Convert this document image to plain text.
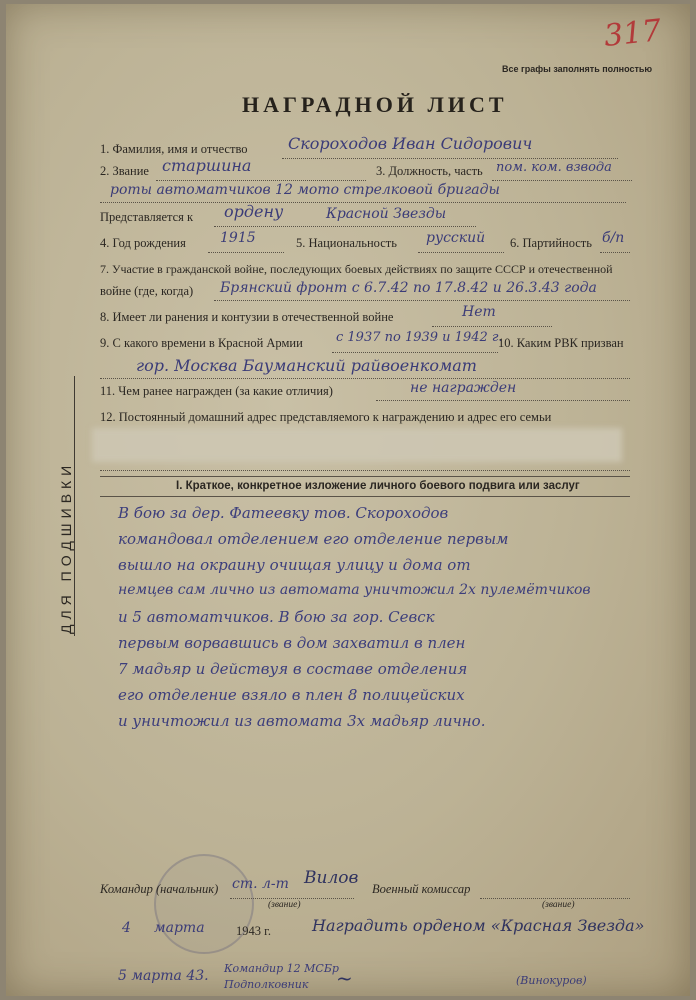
317
Все графы заполнять полностью
НАГРАДНОЙ ЛИСТ
ДЛЯ ПОДШИВКИ
1. Фамилия, имя и отчество	Скороходов Иван Сидорович
2. Звание старшина	3. Должность, часть пом. ком. взвода
роты автоматчиков 12 мото стрелковой бригады
Представляется к ордену	Красной Звезды
4. Год рождения 1915	5. Национальность русский 6. Партийность б/п
7. Участие в гражданской войне, последующих боевых действиях по защите СССР и отечественной
войне (где, когда) Брянский фронт с 6.7.42 по 17.8.42 и 26.3.43 года
8. Имеет ли ранения и контузии в отечественной войне	Нет
9. С какого времени в Красной Армии	с 1937 по 1939 и 1942 г.
10. Каким РВК призван
гор. Москва Бауманский райвоенкомат
11. Чем ранее награжден (за какие отличия)	не награжден
12. Постоянный домашний адрес представляемого к награждению и адрес его семьи
I. Краткое, конкретное изложение личного боевого подвига или заслуг
В бою за дер. Фатеевку тов. Скороходов
командовал отделением его отделение первым
вышло на окраину очищая улицу и дома от
немцев сам лично из автомата уничтожил 2х пулемётчиков
и 5 автоматчиков. В бою за гор. Севск
первым ворвавшись в дом захватил в плен
7 мадьяр и действуя в составе отделения
его отделение взяло в плен 8 полицейских
и уничтожил из автомата 3х мадьяр лично.
Командир (начальник) ст. л-т Вилов
(звание)
Военный комиссар
(звание)
4 марта	1943 г.	Наградить орденом «Красная Звезда»
5 марта 43. Командир 12 МСБр
Подполковник ~	(Винокуров)
